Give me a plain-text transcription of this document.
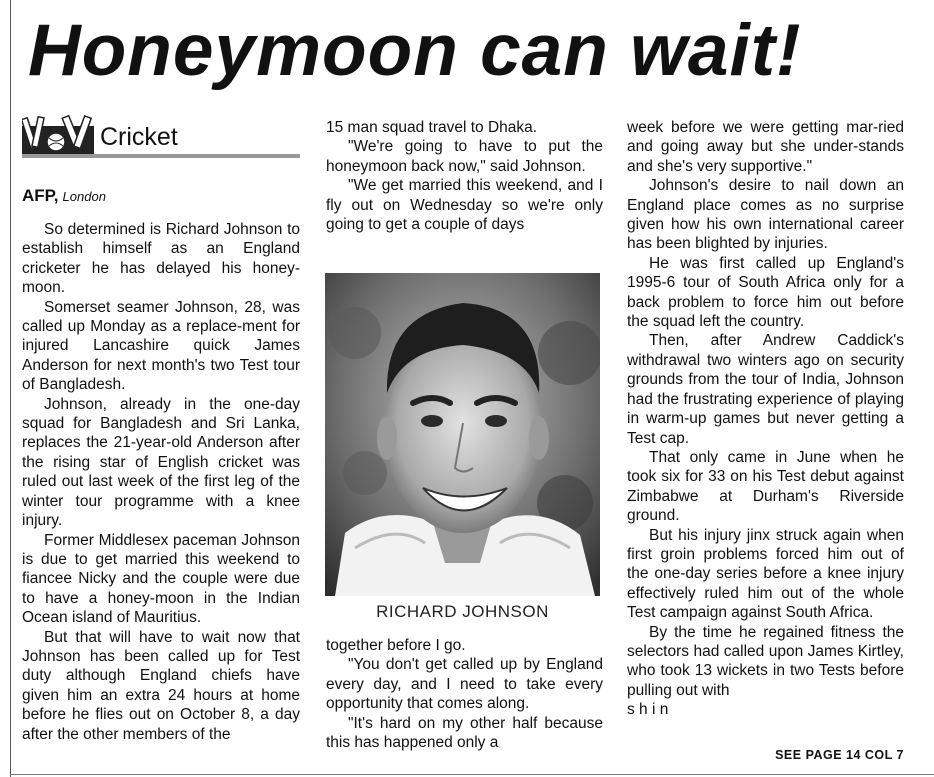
Honeymoon can wait!
Cricket
AFP, London

So determined is Richard Johnson to establish himself as an England cricketer he has delayed his honey-moon.

Somerset seamer Johnson, 28, was called up Monday as a replace-ment for injured Lancashire quick James Anderson for next month's two Test tour of Bangladesh.

Johnson, already in the one-day squad for Bangladesh and Sri Lanka, replaces the 21-year-old Anderson after the rising star of English cricket was ruled out last week of the first leg of the winter tour programme with a knee injury.

Former Middlesex paceman Johnson is due to get married this weekend to fiancee Nicky and the couple were due to have a honey-moon in the Indian Ocean island of Mauritius.

But that will have to wait now that Johnson has been called up for Test duty although England chiefs have given him an extra 24 hours at home before he flies out on October 8, a day after the other members of the

15 man squad travel to Dhaka.

"We're going to have to put the honeymoon back now," said Johnson.

"We get married this weekend, and I fly out on Wednesday so we're only going to get a couple of days

RICHARD JOHNSON

together before I go.

"You don't get called up by England every day, and I need to take every opportunity that comes along.

"It's hard on my other half because this has happened only a

week before we were getting mar-ried and going away but she under-stands and she's very supportive."

Johnson's desire to nail down an England place comes as no surprise given how his own international career has been blighted by injuries.

He was first called up England's 1995-6 tour of South Africa only for a back problem to force him out before the squad left the country.

Then, after Andrew Caddick's withdrawal two winters ago on security grounds from the tour of India, Johnson had the frustrating experience of playing in warm-up games but never getting a Test cap.

That only came in June when he took six for 33 on his Test debut against Zimbabwe at Durham's Riverside ground.

But his injury jinx struck again when first groin problems forced him out of the one-day series before a knee injury effectively ruled him out of the whole Test campaign against South Africa.

By the time he regained fitness the selectors had called upon James Kirtley, who took 13 wickets in two Tests before pulling out with

s h i n

SEE PAGE 14 COL 7
